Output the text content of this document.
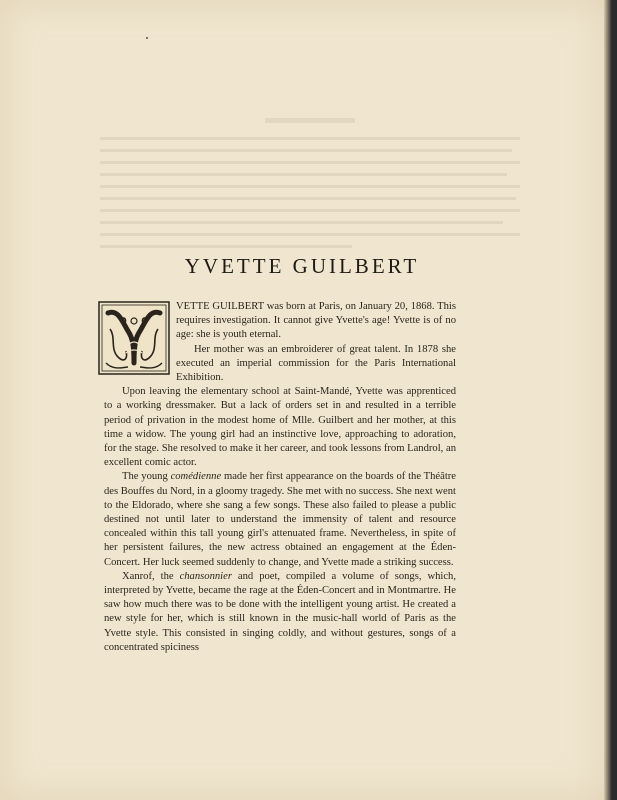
YVETTE GUILBERT

VETTE GUILBERT was born at Paris, on January 20, 1868. This requires investigation. It cannot give Yvette's age! Yvette is of no age: she is youth eternal.

Her mother was an embroiderer of great talent. In 1878 she executed an imperial commission for the Paris International Exhibition.

Upon leaving the elementary school at Saint-Mandé, Yvette was apprenticed to a working dressmaker. But a lack of orders set in and resulted in a terrible period of privation in the modest home of Mlle. Guilbert and her mother, at this time a widow. The young girl had an instinctive love, approaching to adoration, for the stage. She resolved to make it her career, and took lessons from Landrol, an excellent comic actor.

The young comédienne made her first appearance on the boards of the Théâtre des Bouffes du Nord, in a gloomy tragedy. She met with no success. She next went to the Eldorado, where she sang a few songs. These also failed to please a public destined not until later to understand the immensity of talent and resource concealed within this tall young girl's attenuated frame. Nevertheless, in spite of her persistent failures, the new actress obtained an engagement at the Éden-Concert. Her luck seemed suddenly to change, and Yvette made a striking success.

Xanrof, the chansonnier and poet, compiled a volume of songs, which, interpreted by Yvette, became the rage at the Éden-Concert and in Montmartre. He saw how much there was to be done with the intelligent young artist. He created a new style for her, which is still known in the music-hall world of Paris as the Yvette style. This consisted in singing coldly, and without gestures, songs of a concentrated spiciness
